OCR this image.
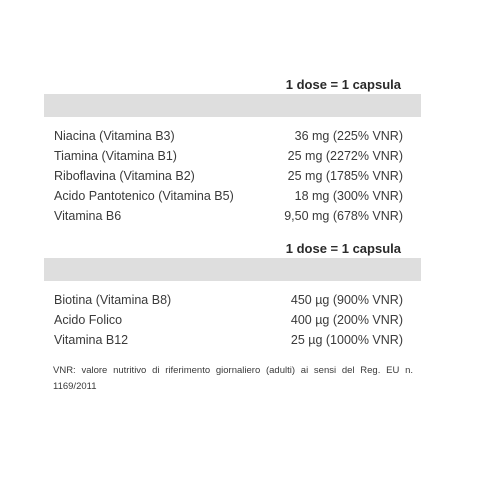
1 dose = 1 capsula
Niacina (Vitamina B3)	36 mg (225% VNR)
Tiamina (Vitamina B1)	25 mg (2272% VNR)
Riboflavina (Vitamina B2)	25 mg (1785% VNR)
Acido Pantotenico (Vitamina B5)	18 mg (300% VNR)
Vitamina B6	9,50 mg (678% VNR)
1 dose = 1 capsula
Biotina (Vitamina B8)	450 µg (900% VNR)
Acido Folico	400 µg (200% VNR)
Vitamina B12	25 µg (1000% VNR)

VNR: valore nutritivo di riferimento giornaliero (adulti) ai sensi del Reg. EU n. 1169/2011
